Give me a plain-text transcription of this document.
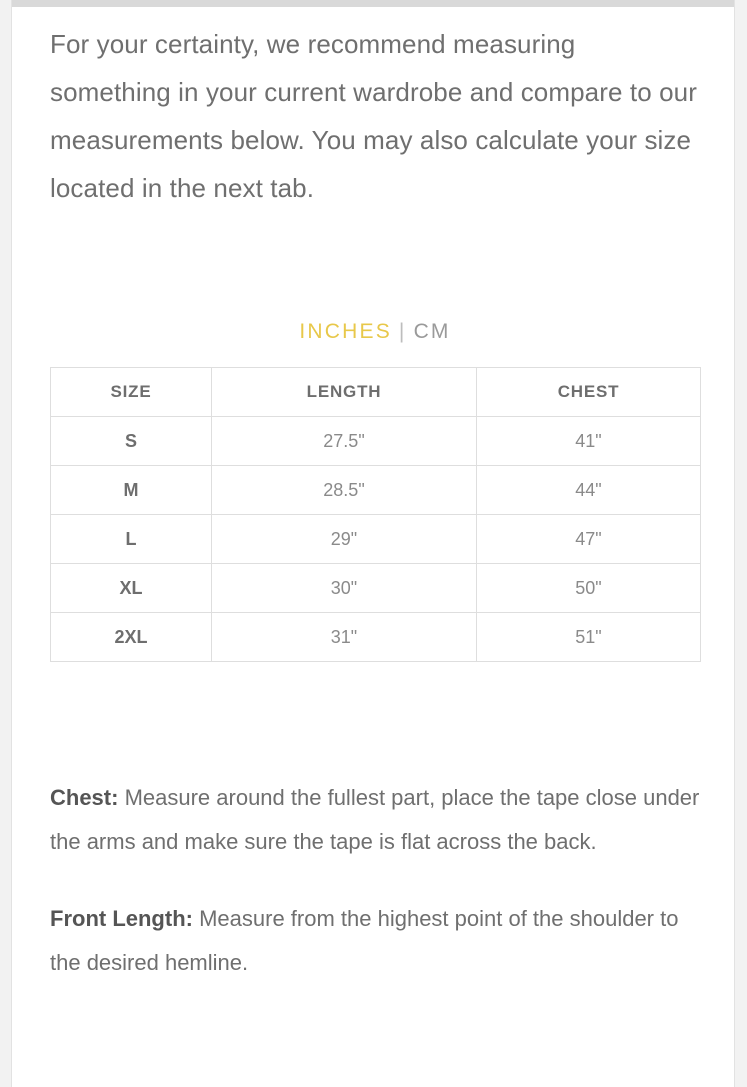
For your certainty, we recommend measuring something in your current wardrobe and compare to our measurements below. You may also calculate your size located in the next tab.
INCHES | CM
SIZE	LENGTH	CHEST
S	27.5"	41"
M	28.5"	44"
L	29"	47"
XL	30"	50"
2XL	31"	51"

Chest: Measure around the fullest part, place the tape close under the arms and make sure the tape is flat across the back.

Front Length: Measure from the highest point of the shoulder to the desired hemline.
